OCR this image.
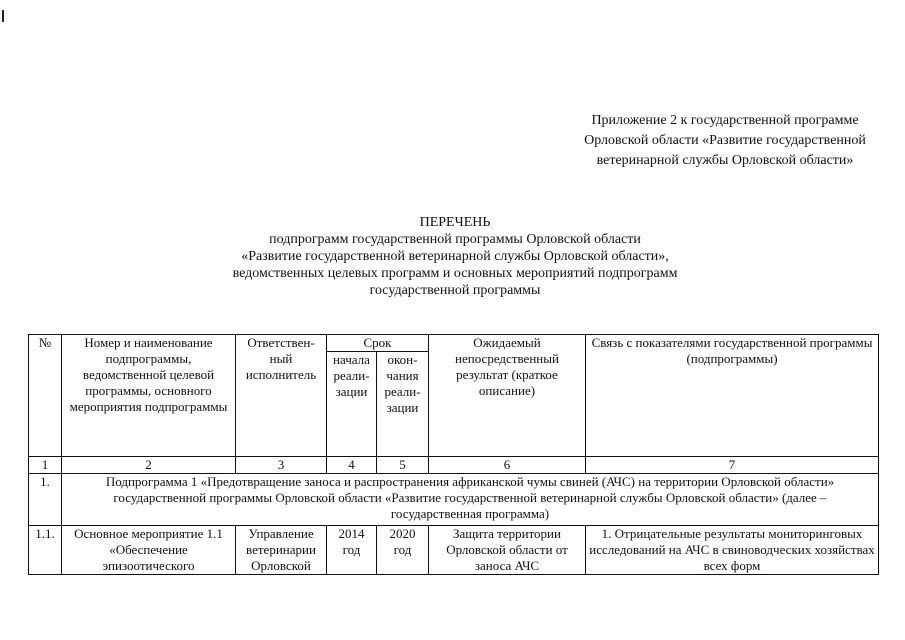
Приложение 2 к государственной программе
Орловской области «Развитие государственной
ветеринарной службы Орловской области»
ПЕРЕЧЕНЬ
подпрограмм государственной программы Орловской области
«Развитие государственной ветеринарной службы Орловской области»,
ведомственных целевых программ и основных мероприятий подпрограмм
государственной программы
№	Номер и наименование подпрограммы, ведомственной целевой программы, основного мероприятия подпрограммы	Ответствен-ный исполнитель	Срок		Ожидаемый непосредственный результат (краткое описание)	Связь с показателями государственной программы (подпрограммы)
			начала реали-зации	окон-чания реали-зации		
1	2	3	4	5	6	7
1.	Подпрограмма 1 «Предотвращение заноса и распространения африканской чумы свиней (АЧС) на территории Орловской области» государственной программы Орловской области «Развитие государственной ветеринарной службы Орловской области» (далее – государственная программа)					
1.1.	Основное мероприятие 1.1 «Обеспечение эпизоотического	Управление ветеринарии Орловской	2014 год	2020 год	Защита территории Орловской области от заноса АЧС	1. Отрицательные результаты мониторинговых исследований на АЧС в свиноводческих хозяйствах всех форм
